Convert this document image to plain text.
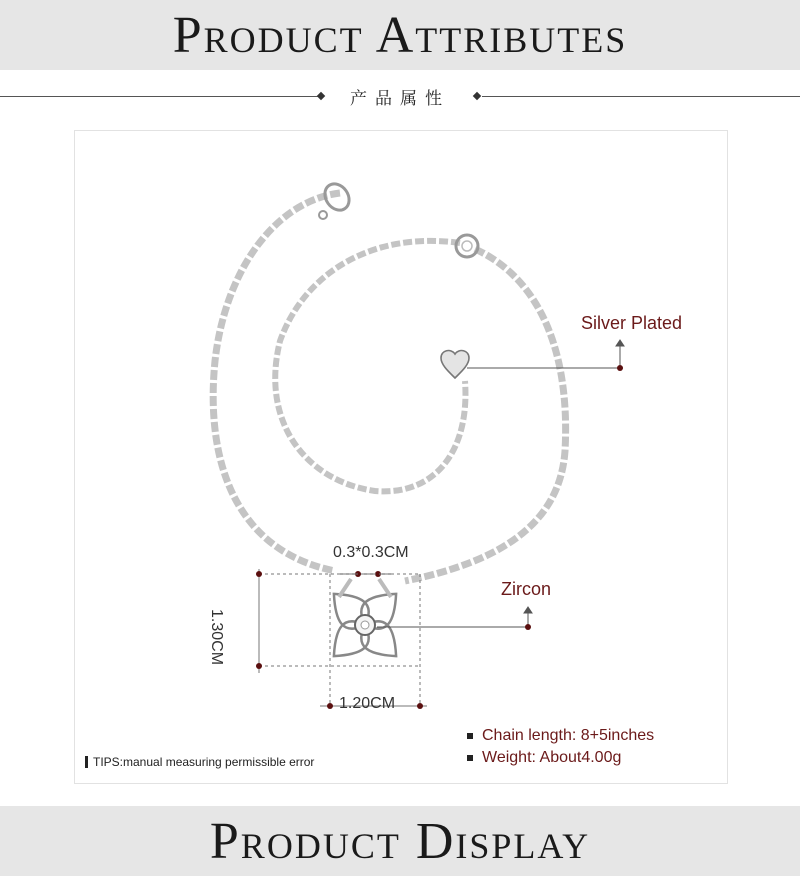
Product Attributes
产品属性
Silver Plated
Zircon
0.3*0.3CM
1.30CM
1.20CM
Chain length: 8+5inches
Weight: About4.00g
TIPS:manual measuring permissible error
Product Display
